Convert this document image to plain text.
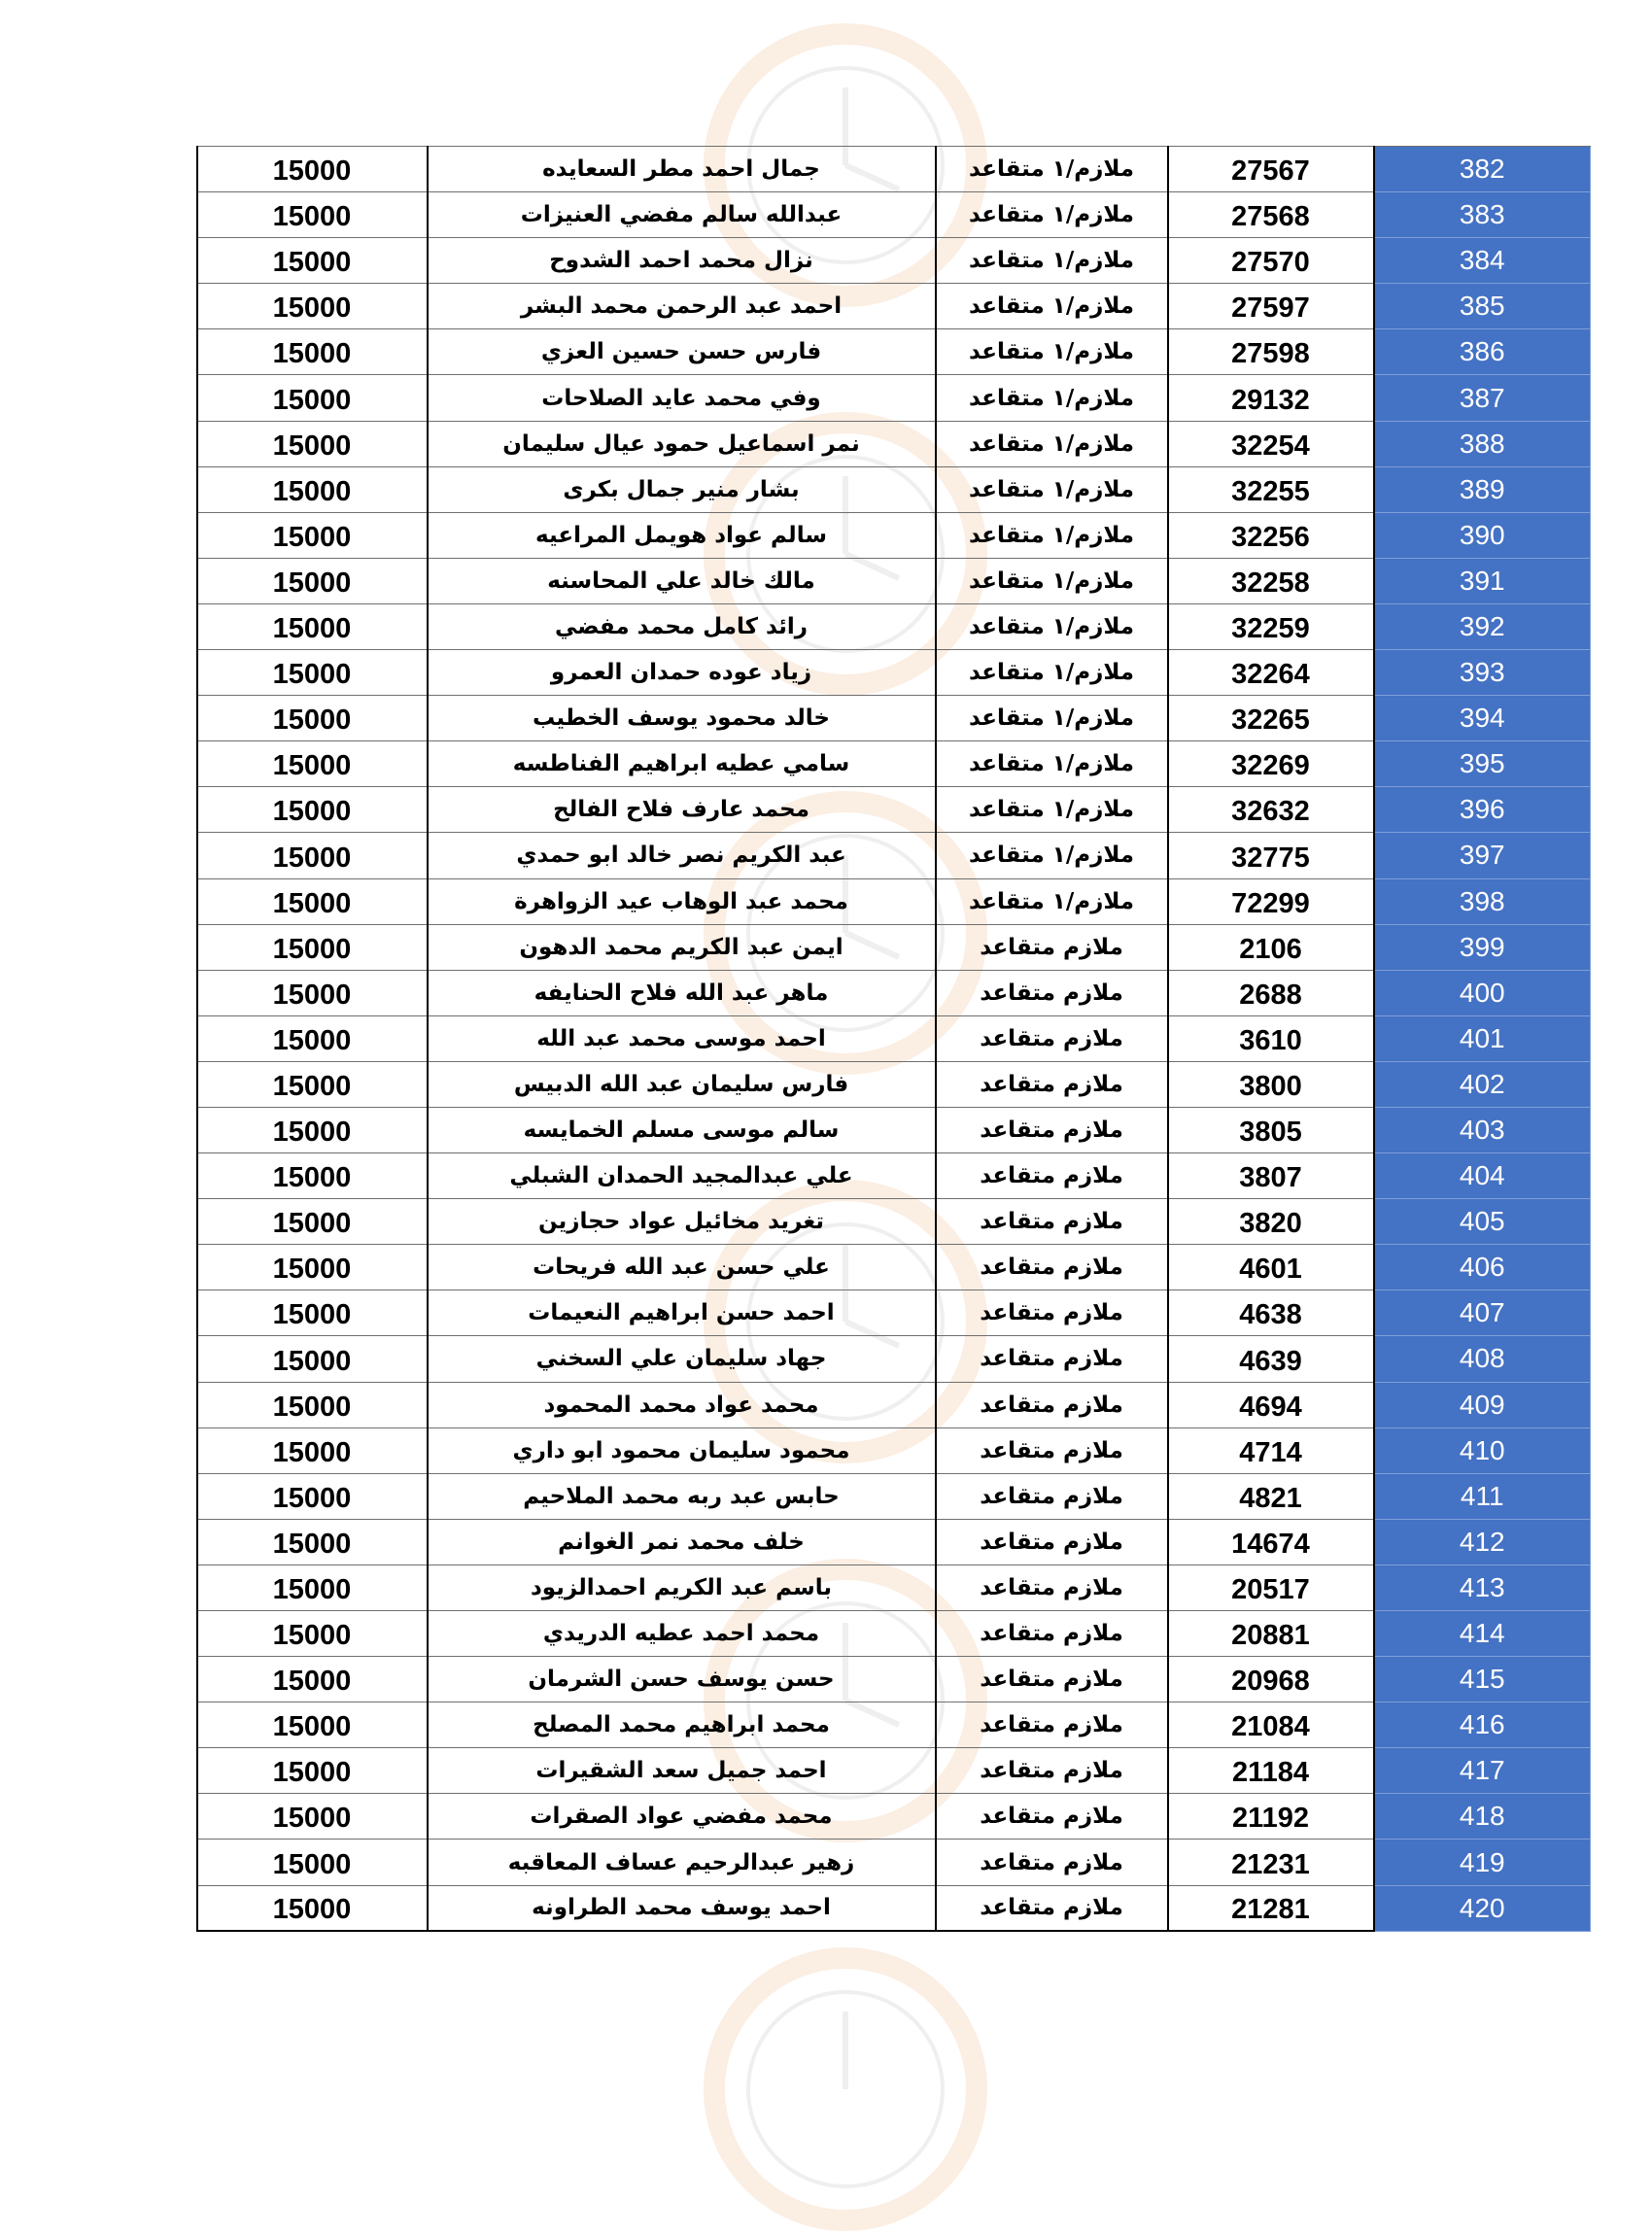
382	27567	ملازم/١ متقاعد	جمال احمد مطر السعايده	15000
383	27568	ملازم/١ متقاعد	عبدالله سالم مفضي العنيزات	15000
384	27570	ملازم/١ متقاعد	نزال محمد احمد الشدوح	15000
385	27597	ملازم/١ متقاعد	احمد عبد الرحمن محمد البشر	15000
386	27598	ملازم/١ متقاعد	فارس حسن حسين العزي	15000
387	29132	ملازم/١ متقاعد	وفي محمد عايد الصلاحات	15000
388	32254	ملازم/١ متقاعد	نمر اسماعيل حمود عيال سليمان	15000
389	32255	ملازم/١ متقاعد	بشار منير جمال بكرى	15000
390	32256	ملازم/١ متقاعد	سالم عواد هويمل المراعيه	15000
391	32258	ملازم/١ متقاعد	مالك خالد علي المحاسنه	15000
392	32259	ملازم/١ متقاعد	رائد كامل محمد مفضي	15000
393	32264	ملازم/١ متقاعد	زياد عوده حمدان العمرو	15000
394	32265	ملازم/١ متقاعد	خالد محمود يوسف الخطيب	15000
395	32269	ملازم/١ متقاعد	سامي عطيه ابراهيم الفناطسه	15000
396	32632	ملازم/١ متقاعد	محمد عارف فلاح الفالح	15000
397	32775	ملازم/١ متقاعد	عبد الكريم نصر خالد ابو حمدي	15000
398	72299	ملازم/١ متقاعد	محمد عبد الوهاب عيد الزواهرة	15000
399	2106	ملازم متقاعد	ايمن عبد الكريم محمد الدهون	15000
400	2688	ملازم متقاعد	ماهر عبد الله فلاح الحنايفه	15000
401	3610	ملازم متقاعد	احمد موسى محمد عبد الله	15000
402	3800	ملازم متقاعد	فارس سليمان عبد الله الدبيس	15000
403	3805	ملازم متقاعد	سالم موسى مسلم الخمايسه	15000
404	3807	ملازم متقاعد	علي عبدالمجيد الحمدان الشبلي	15000
405	3820	ملازم متقاعد	تغريد مخائيل عواد حجازين	15000
406	4601	ملازم متقاعد	علي حسن عبد الله فريحات	15000
407	4638	ملازم متقاعد	احمد حسن ابراهيم النعيمات	15000
408	4639	ملازم متقاعد	جهاد سليمان علي السخني	15000
409	4694	ملازم متقاعد	محمد عواد محمد المحمود	15000
410	4714	ملازم متقاعد	محمود سليمان محمود ابو داري	15000
411	4821	ملازم متقاعد	حابس عبد ربه محمد الملاحيم	15000
412	14674	ملازم متقاعد	خلف محمد نمر الغوانم	15000
413	20517	ملازم متقاعد	باسم عبد الكريم احمدالزيود	15000
414	20881	ملازم متقاعد	محمد احمد عطيه الدريدي	15000
415	20968	ملازم متقاعد	حسن يوسف حسن الشرمان	15000
416	21084	ملازم متقاعد	محمد ابراهيم محمد المصلح	15000
417	21184	ملازم متقاعد	احمد جميل سعد الشقيرات	15000
418	21192	ملازم متقاعد	محمد مفضي عواد الصقرات	15000
419	21231	ملازم متقاعد	زهير عبدالرحيم عساف المعاقبه	15000
420	21281	ملازم متقاعد	احمد يوسف محمد الطراونه	15000
